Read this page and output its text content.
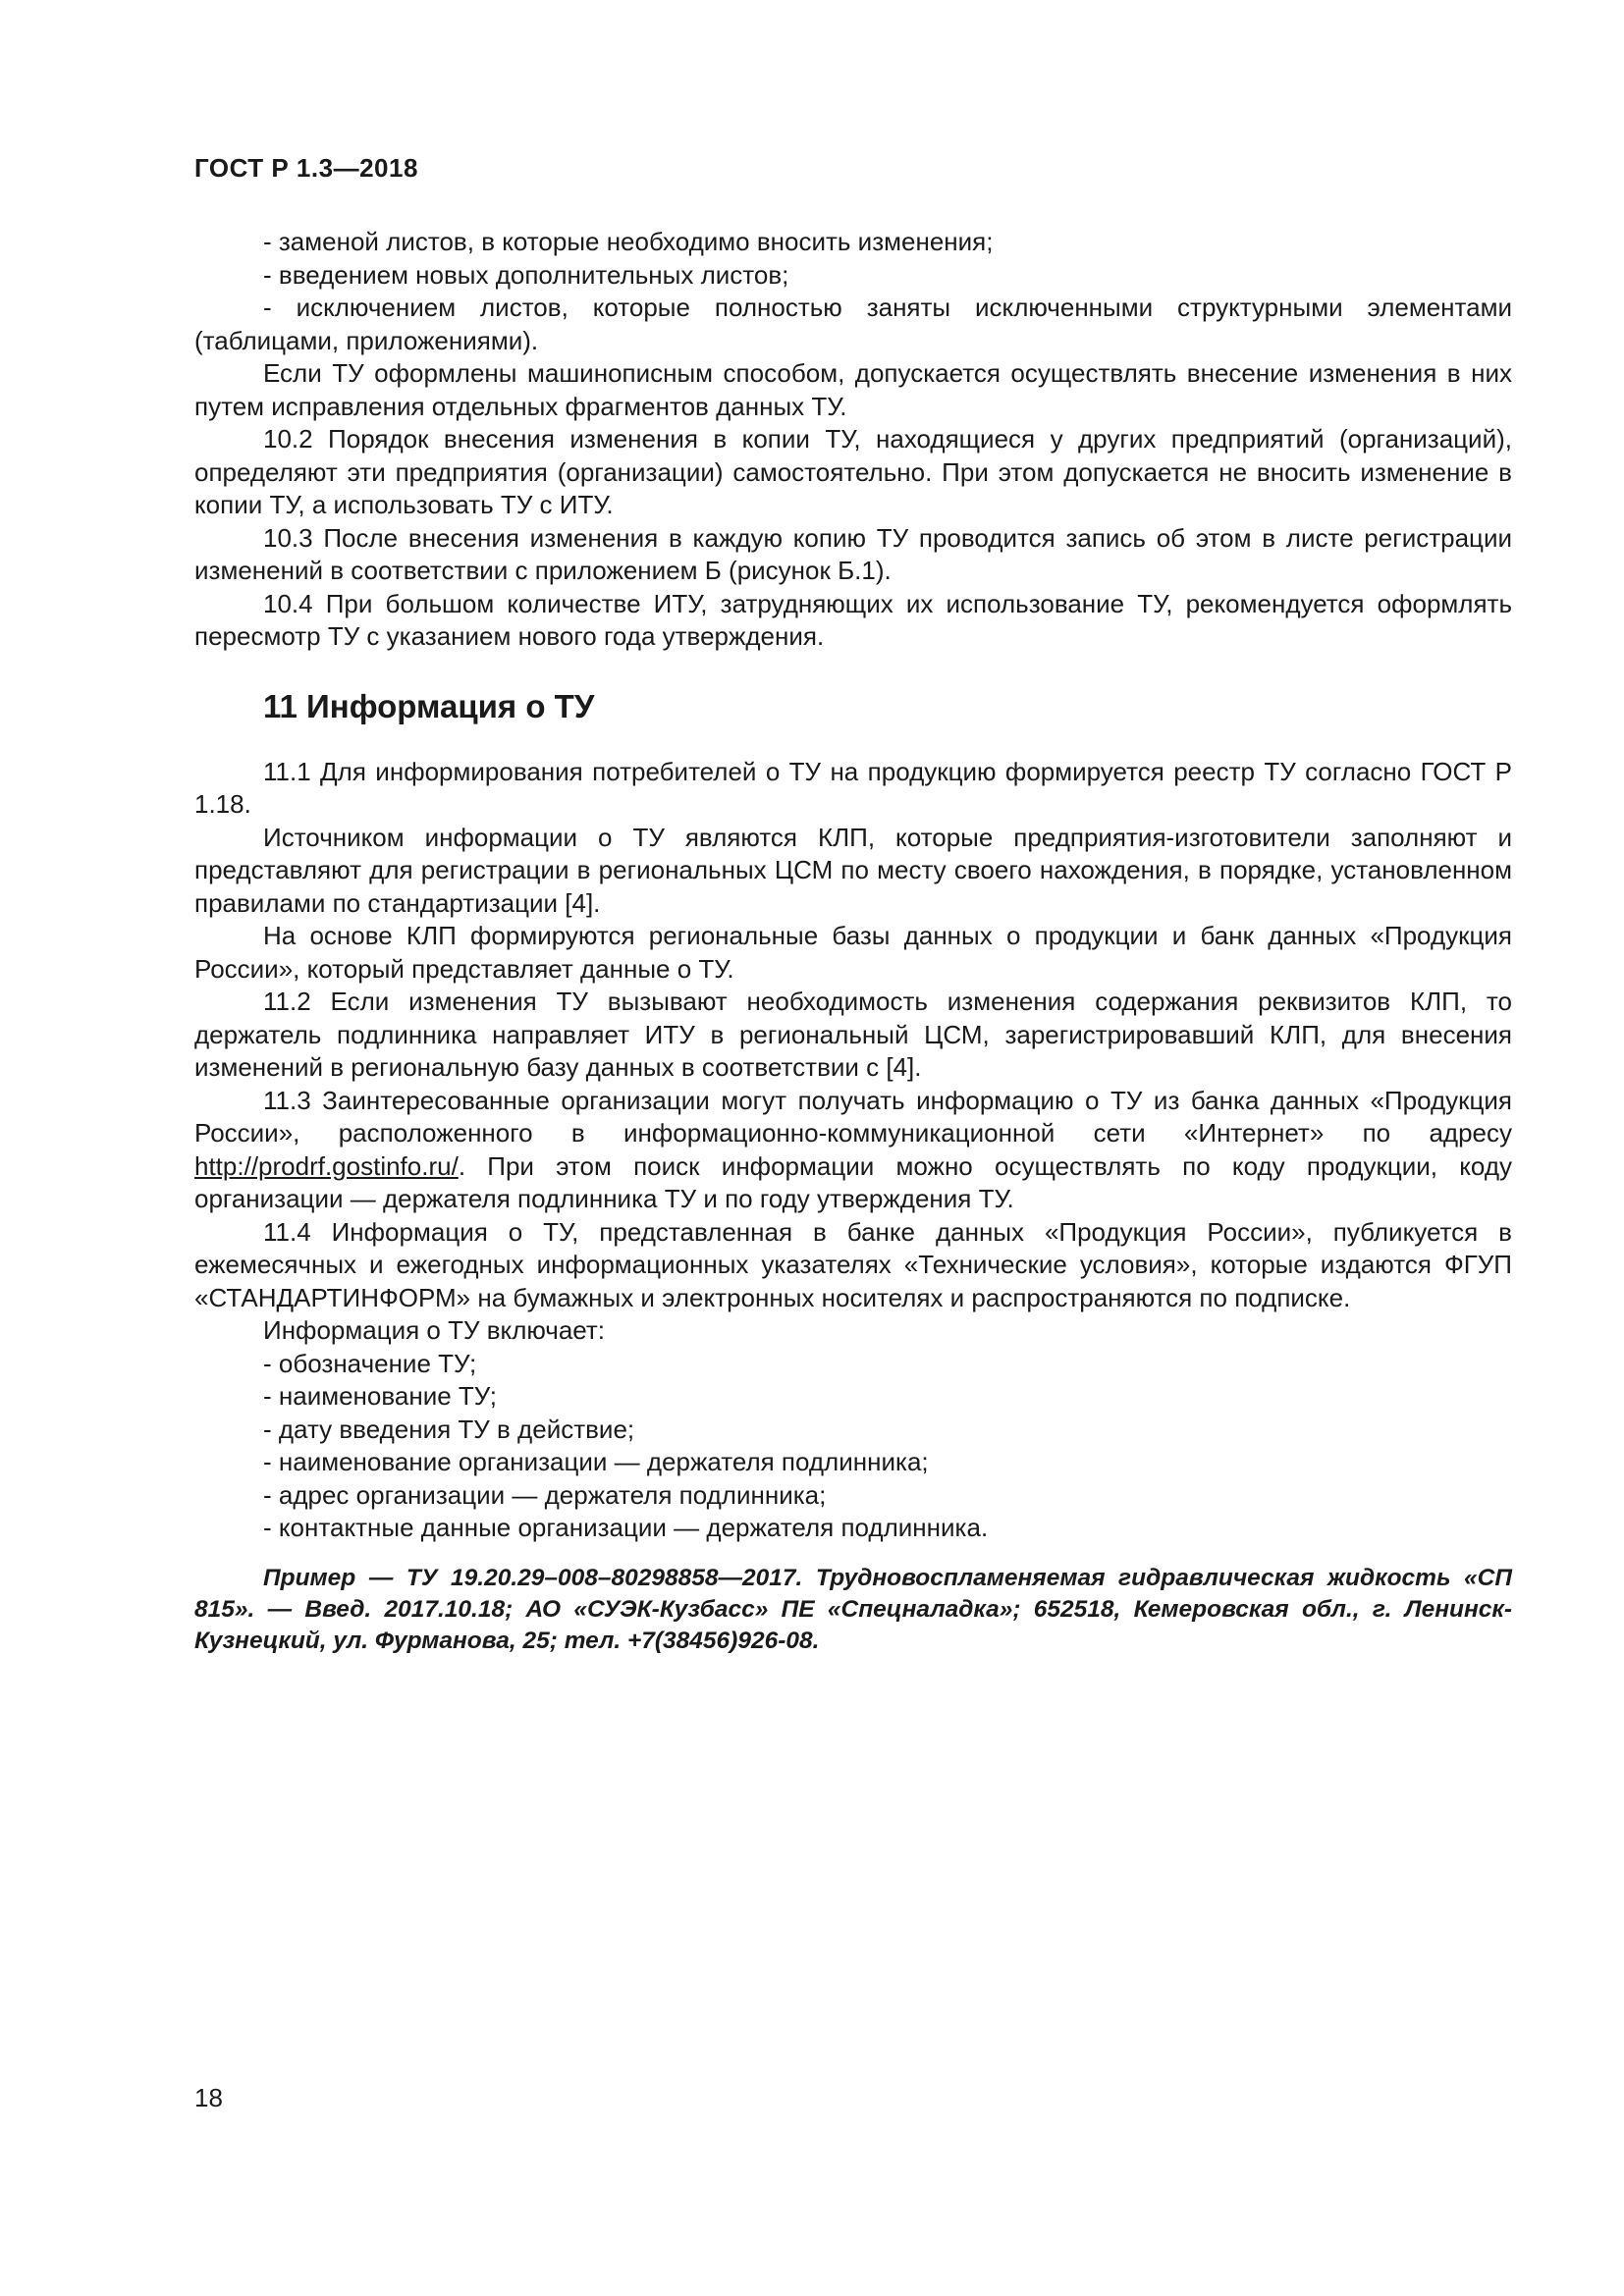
ГОСТ Р 1.3—2018

- заменой листов, в которые необходимо вносить изменения;

- введением новых дополнительных листов;

- исключением листов, которые полностью заняты исключенными структурными элементами (таблицами, приложениями).

Если ТУ оформлены машинописным способом, допускается осуществлять внесение изменения в них путем исправления отдельных фрагментов данных ТУ.

10.2 Порядок внесения изменения в копии ТУ, находящиеся у других предприятий (организаций), определяют эти предприятия (организации) самостоятельно. При этом допускается не вносить изменение в копии ТУ, а использовать ТУ с ИТУ.

10.3 После внесения изменения в каждую копию ТУ проводится запись об этом в листе регистрации изменений в соответствии с приложением Б (рисунок Б.1).

10.4 При большом количестве ИТУ, затрудняющих их использование ТУ, рекомендуется оформлять пересмотр ТУ с указанием нового года утверждения.

11 Информация о ТУ

11.1 Для информирования потребителей о ТУ на продукцию формируется реестр ТУ согласно ГОСТ Р 1.18.

Источником информации о ТУ являются КЛП, которые предприятия-изготовители заполняют и представляют для регистрации в региональных ЦСМ по месту своего нахождения, в порядке, установленном правилами по стандартизации [4].

На основе КЛП формируются региональные базы данных о продукции и банк данных «Продукция России», который представляет данные о ТУ.

11.2 Если изменения ТУ вызывают необходимость изменения содержания реквизитов КЛП, то держатель подлинника направляет ИТУ в региональный ЦСМ, зарегистрировавший КЛП, для внесения изменений в региональную базу данных в соответствии с [4].

11.3 Заинтересованные организации могут получать информацию о ТУ из банка данных «Продукция России», расположенного в информационно-коммуникационной сети «Интернет» по адресу http://prodrf.gostinfo.ru/. При этом поиск информации можно осуществлять по коду продукции, коду организации — держателя подлинника ТУ и по году утверждения ТУ.

11.4 Информация о ТУ, представленная в банке данных «Продукция России», публикуется в ежемесячных и ежегодных информационных указателях «Технические условия», которые издаются ФГУП «СТАНДАРТИНФОРМ» на бумажных и электронных носителях и распространяются по подписке.

Информация о ТУ включает:

- обозначение ТУ;

- наименование ТУ;

- дату введения ТУ в действие;

- наименование организации — держателя подлинника;

- адрес организации — держателя подлинника;

- контактные данные организации — держателя подлинника.

Пример — ТУ 19.20.29–008–80298858—2017. Трудновоспламеняемая гидравлическая жидкость «СП 815». — Введ. 2017.10.18; АО «СУЭК-Кузбасс» ПЕ «Спецналадка»; 652518, Кемеровская обл., г. Ленинск-Кузнецкий, ул. Фурманова, 25; тел. +7(38456)926-08.

18
